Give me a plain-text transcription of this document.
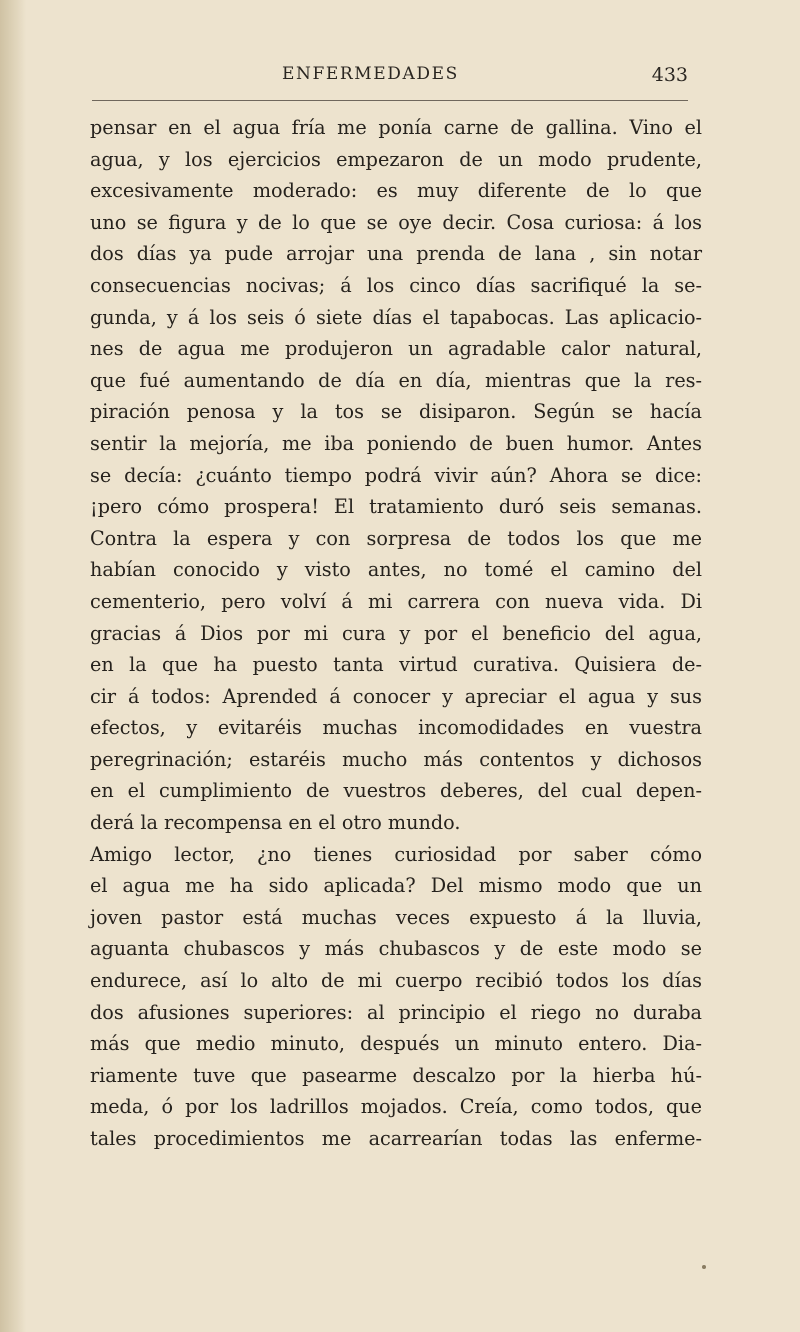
ENFERMEDADES	433
pensar en el agua fría me ponía carne de gallina. Vino el
agua, y los ejercicios empezaron de un modo prudente,
excesivamente moderado: es muy diferente de lo que
uno se figura y de lo que se oye decir. Cosa curiosa: á los
dos días ya pude arrojar una prenda de lana , sin notar
consecuencias nocivas; á los cinco días sacrifiqué la se-
gunda, y á los seis ó siete días el tapabocas. Las aplicacio-
nes de agua me produjeron un agradable calor natural,
que fué aumentando de día en día, mientras que la res-
piración penosa y la tos se disiparon. Según se hacía
sentir la mejoría, me iba poniendo de buen humor. Antes
se decía: ¿cuánto tiempo podrá vivir aún? Ahora se dice:
¡pero cómo prospera! El tratamiento duró seis semanas.
Contra la espera y con sorpresa de todos los que me
habían conocido y visto antes, no tomé el camino del
cementerio, pero volví á mi carrera con nueva vida. Di
gracias á Dios por mi cura y por el beneficio del agua,
en la que ha puesto tanta virtud curativa. Quisiera de-
cir á todos: Aprended á conocer y apreciar el agua y sus
efectos, y evitaréis muchas incomodidades en vuestra
peregrinación; estaréis mucho más contentos y dichosos
en el cumplimiento de vuestros deberes, del cual depen-
derá la recompensa en el otro mundo.
Amigo lector, ¿no tienes curiosidad por saber cómo
el agua me ha sido aplicada? Del mismo modo que un
joven pastor está muchas veces expuesto á la lluvia,
aguanta chubascos y más chubascos y de este modo se
endurece, así lo alto de mi cuerpo recibió todos los días
dos afusiones superiores: al principio el riego no duraba
más que medio minuto, después un minuto entero. Dia-
riamente tuve que pasearme descalzo por la hierba hú-
meda, ó por los ladrillos mojados. Creía, como todos, que
tales procedimientos me acarrearían todas las enferme-
